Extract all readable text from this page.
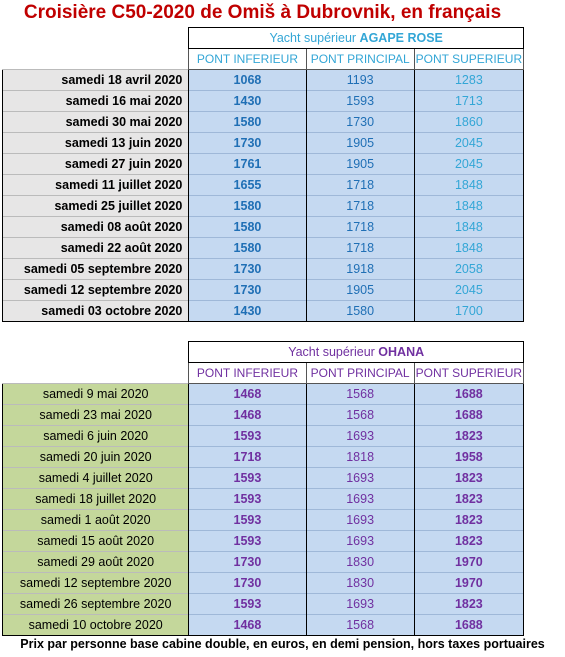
Croisière C50-2020 de Omiš à Dubrovnik, en français
	Yacht supérieur AGAPE ROSE		
	PONT INFERIEUR	PONT PRINCIPAL	PONT SUPERIEUR
samedi 18 avril 2020	1068	1193	1283
samedi 16 mai 2020	1430	1593	1713
samedi 30 mai 2020	1580	1730	1860
samedi 13 juin 2020	1730	1905	2045
samedi 27 juin 2020	1761	1905	2045
samedi 11 juillet 2020	1655	1718	1848
samedi 25 juillet 2020	1580	1718	1848
samedi 08 août 2020	1580	1718	1848
samedi 22 août 2020	1580	1718	1848
samedi 05 septembre 2020	1730	1918	2058
samedi 12 septembre 2020	1730	1905	2045
samedi 03 octobre 2020	1430	1580	1700
	Yacht supérieur OHANA		
	PONT INFERIEUR	PONT PRINCIPAL	PONT SUPERIEUR
samedi 9 mai 2020	1468	1568	1688
samedi 23 mai 2020	1468	1568	1688
samedi 6 juin 2020	1593	1693	1823
samedi 20 juin 2020	1718	1818	1958
samedi 4 juillet 2020	1593	1693	1823
samedi 18 juillet 2020	1593	1693	1823
samedi 1 août 2020	1593	1693	1823
samedi 15 août 2020	1593	1693	1823
samedi 29 août 2020	1730	1830	1970
samedi 12 septembre 2020	1730	1830	1970
samedi 26 septembre 2020	1593	1693	1823
samedi 10 octobre 2020	1468	1568	1688
Prix par personne base cabine double, en euros, en demi pension, hors taxes portuaires
